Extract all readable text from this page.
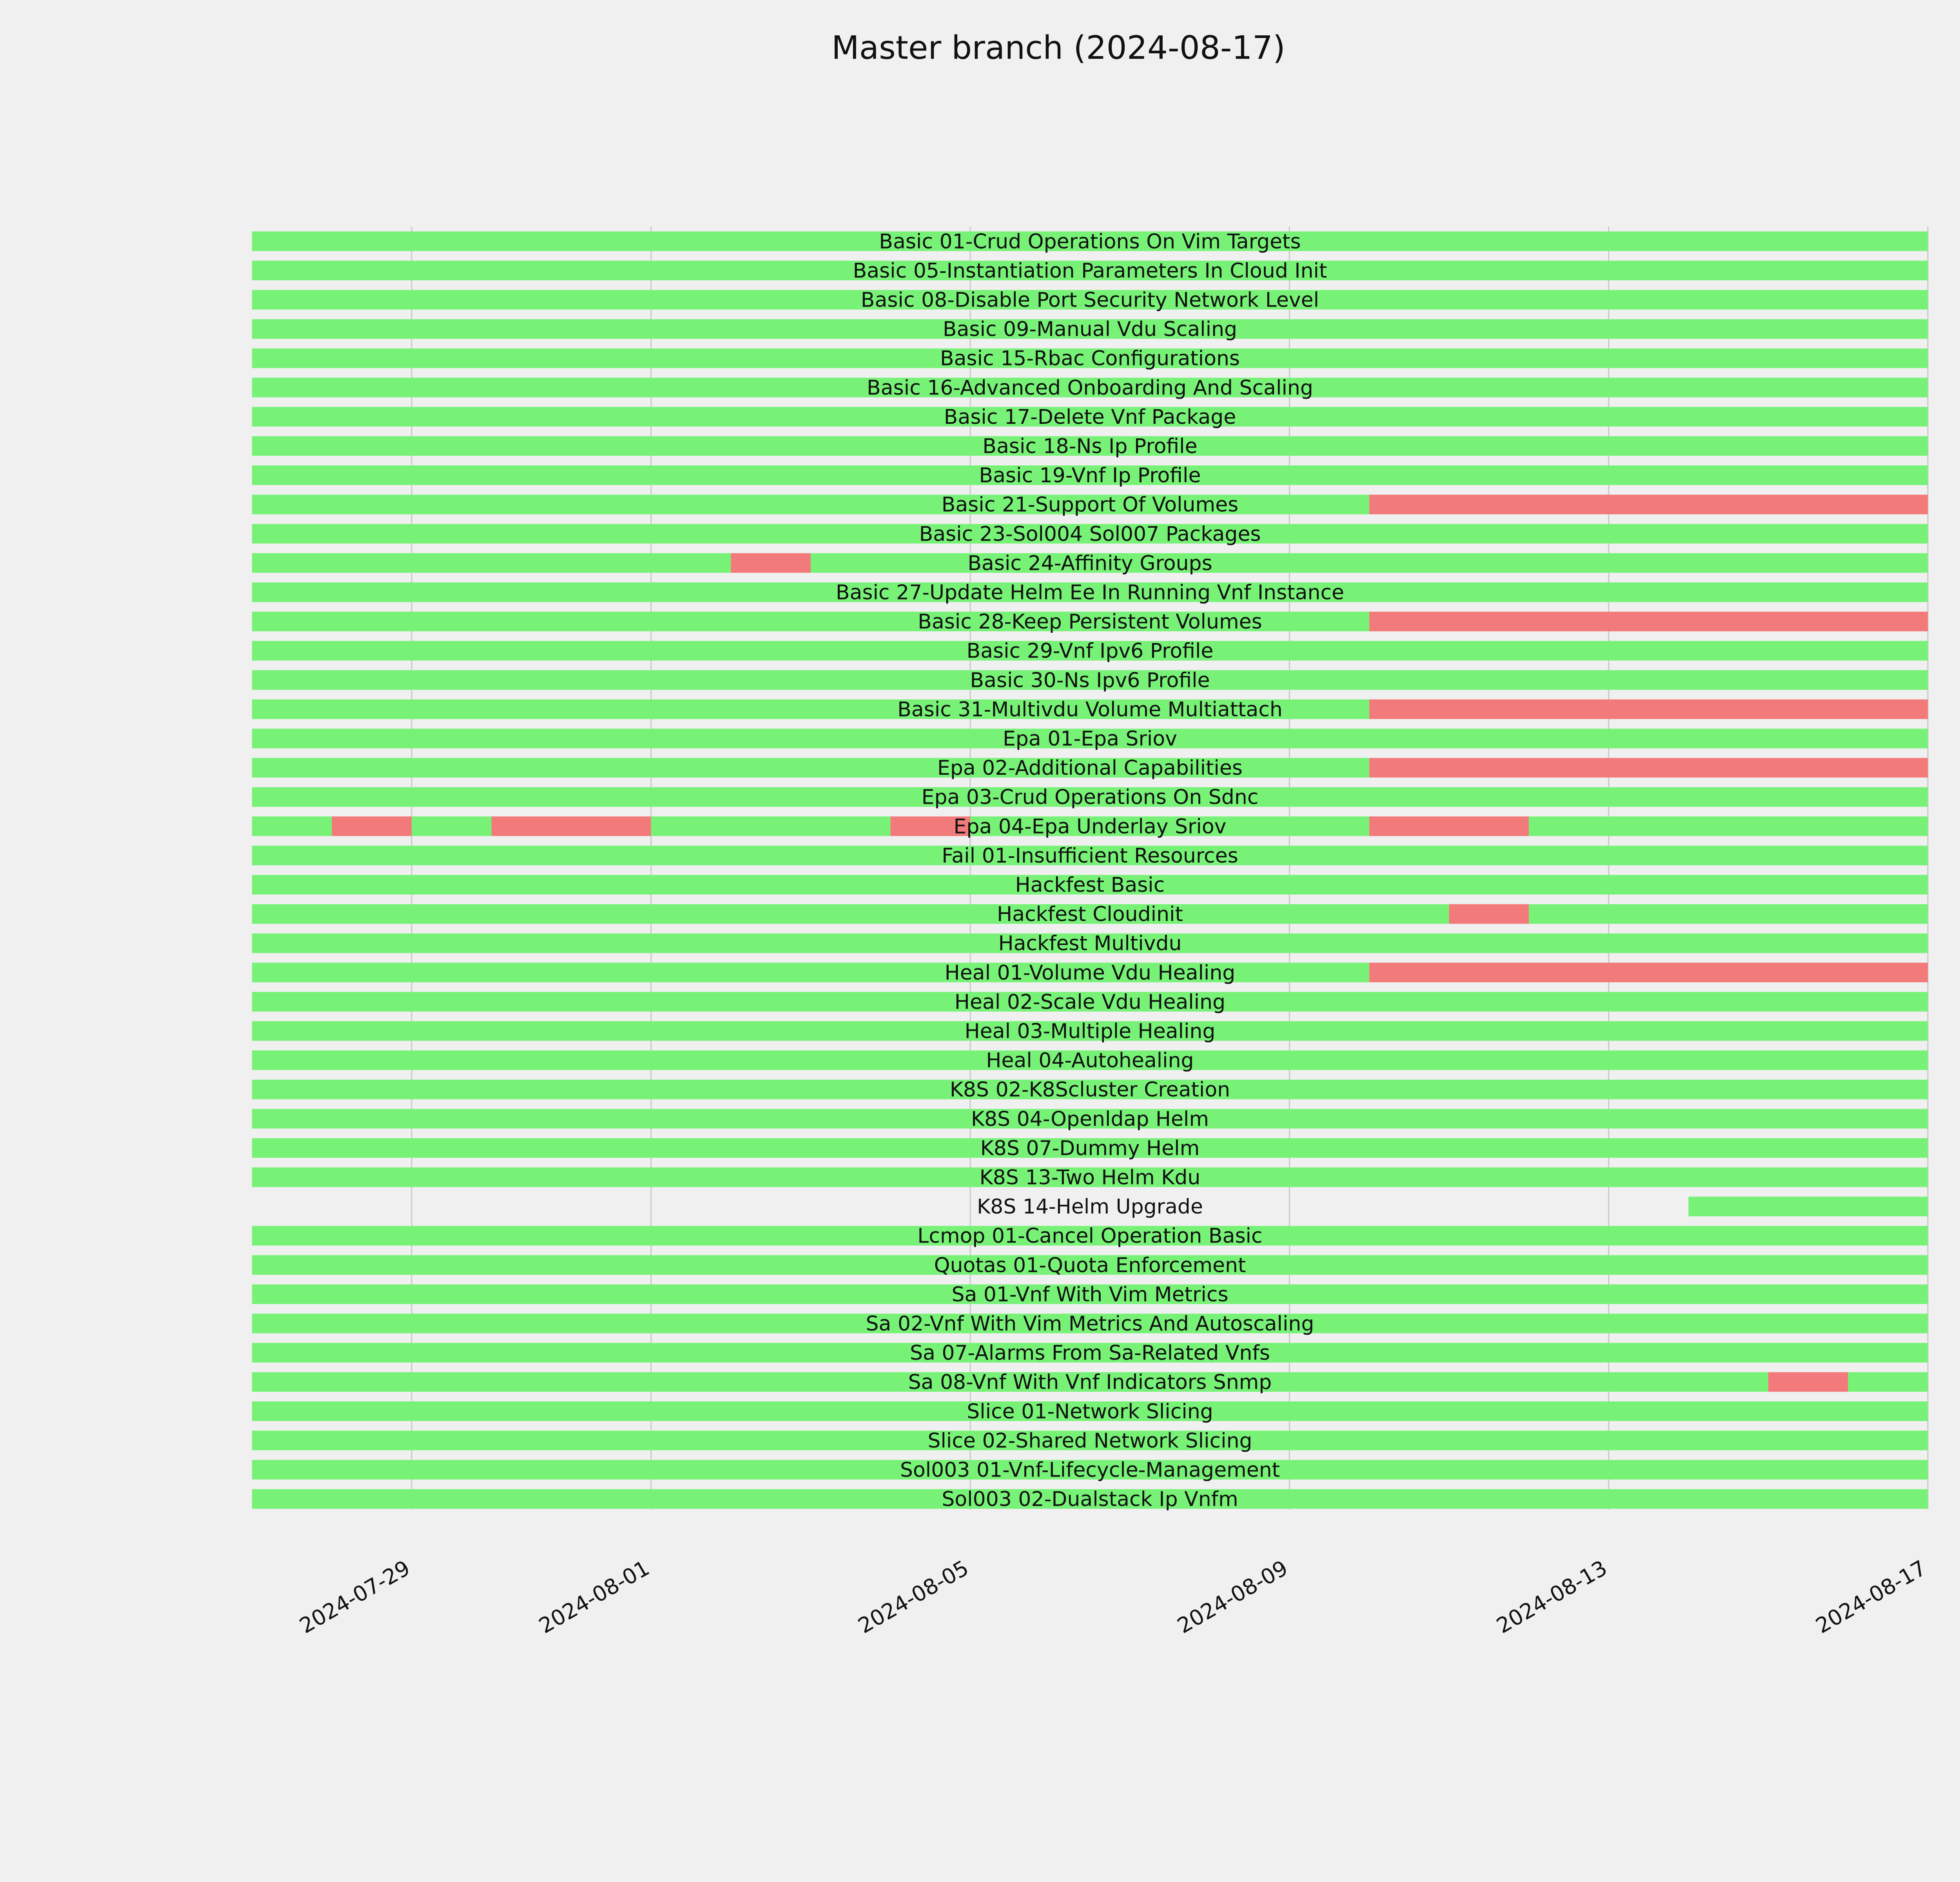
Master branch (2024-08-17)
Basic 01-Crud Operations On Vim Targets
Basic 05-Instantiation Parameters In Cloud Init
Basic 08-Disable Port Security Network Level
Basic 09-Manual Vdu Scaling
Basic 15-Rbac Configurations
Basic 16-Advanced Onboarding And Scaling
Basic 17-Delete Vnf Package
Basic 18-Ns Ip Profile
Basic 19-Vnf Ip Profile
Basic 21-Support Of Volumes
Basic 23-Sol004 Sol007 Packages
Basic 24-Affinity Groups
Basic 27-Update Helm Ee In Running Vnf Instance
Basic 28-Keep Persistent Volumes
Basic 29-Vnf Ipv6 Profile
Basic 30-Ns Ipv6 Profile
Basic 31-Multivdu Volume Multiattach
Epa 01-Epa Sriov
Epa 02-Additional Capabilities
Epa 03-Crud Operations On Sdnc
Epa 04-Epa Underlay Sriov
Fail 01-Insufficient Resources
Hackfest Basic
Hackfest Cloudinit
Hackfest Multivdu
Heal 01-Volume Vdu Healing
Heal 02-Scale Vdu Healing
Heal 03-Multiple Healing
Heal 04-Autohealing
K8S 02-K8Scluster Creation
K8S 04-Openldap Helm
K8S 07-Dummy Helm
K8S 13-Two Helm Kdu
K8S 14-Helm Upgrade
Lcmop 01-Cancel Operation Basic
Quotas 01-Quota Enforcement
Sa 01-Vnf With Vim Metrics
Sa 02-Vnf With Vim Metrics And Autoscaling
Sa 07-Alarms From Sa-Related Vnfs
Sa 08-Vnf With Vnf Indicators Snmp
Slice 01-Network Slicing
Slice 02-Shared Network Slicing
Sol003 01-Vnf-Lifecycle-Management
Sol003 02-Dualstack Ip Vnfm
2024-07-29	2024-08-01	2024-08-05	2024-08-09	2024-08-13	2024-08-17
